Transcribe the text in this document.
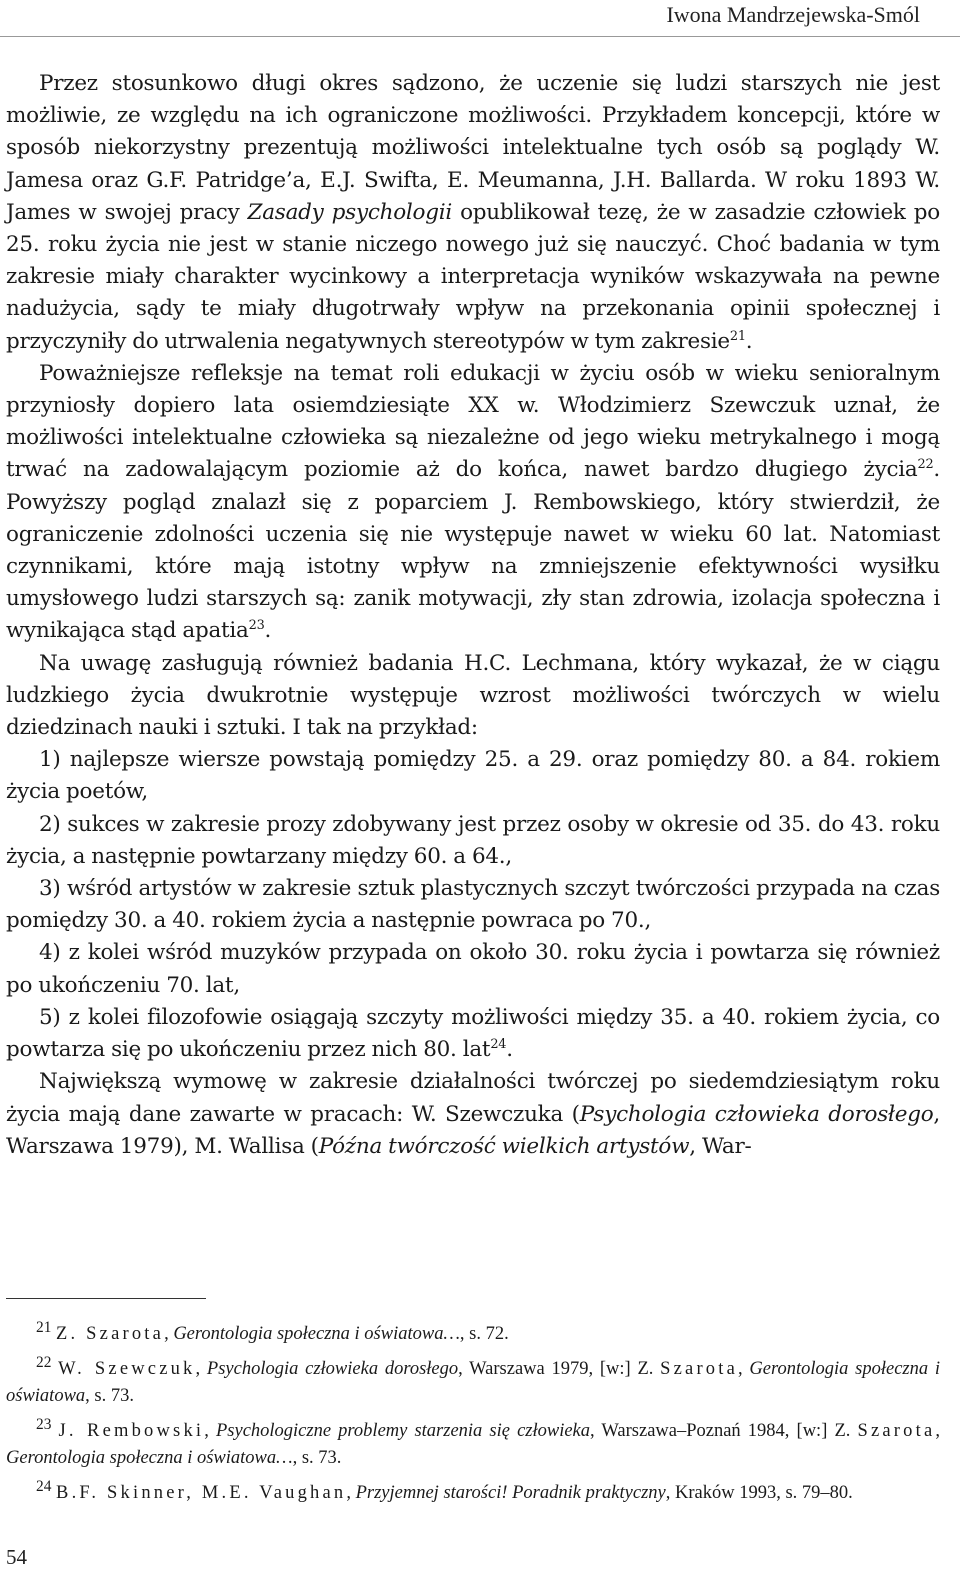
Iwona Mandrzejewska-Smól

Przez stosunkowo długi okres sądzono, że uczenie się ludzi starszych nie jest możliwie, ze względu na ich ograniczone możliwości. Przykładem koncepcji, które w sposób niekorzystny prezentują możliwości intelektualne tych osób są poglądy W. Jamesa oraz G.F. Patridge’a, E.J. Swifta, E. Meumanna, J.H. Ballarda. W roku 1893 W. James w swojej pracy Zasady psychologii opublikował tezę, że w zasadzie człowiek po 25. roku życia nie jest w stanie niczego nowego już się nauczyć. Choć badania w tym zakresie miały charakter wycinkowy a interpretacja wyników wskazywała na pewne nadużycia, sądy te miały długotrwały wpływ na przekonania opinii społecznej i przyczyniły do utrwalenia negatywnych stereotypów w tym zakresie$^{21}$.

Poważniejsze refleksje na temat roli edukacji w życiu osób w wieku senioralnym przyniosły dopiero lata osiemdziesiąte XX w. Włodzimierz Szewczuk uznał, że możliwości intelektualne człowieka są niezależne od jego wieku metrykalnego i mogą trwać na zadowalającym poziomie aż do końca, nawet bardzo długiego życia$^{22}$. Powyższy pogląd znalazł się z poparciem J. Rembowskiego, który stwierdził, że ograniczenie zdolności uczenia się nie występuje nawet w wieku 60 lat. Natomiast czynnikami, które mają istotny wpływ na zmniejszenie efektywności wysiłku umysłowego ludzi starszych są: zanik motywacji, zły stan zdrowia, izolacja społeczna i wynikająca stąd apatia$^{23}$.

Na uwagę zasługują również badania H.C. Lechmana, który wykazał, że w ciągu ludzkiego życia dwukrotnie występuje wzrost możliwości twórczych w wielu dziedzinach nauki i sztuki. I tak na przykład:

1) najlepsze wiersze powstają pomiędzy 25. a 29. oraz pomiędzy 80. a 84. rokiem życia poetów,

2) sukces w zakresie prozy zdobywany jest przez osoby w okresie od 35. do 43. roku życia, a następnie powtarzany między 60. a 64.,

3) wśród artystów w zakresie sztuk plastycznych szczyt twórczości przypada na czas pomiędzy 30. a 40. rokiem życia a następnie powraca po 70.,

4) z kolei wśród muzyków przypada on około 30. roku życia i powtarza się również po ukończeniu 70. lat,

5) z kolei filozofowie osiągają szczyty możliwości między 35. a 40. rokiem życia, co powtarza się po ukończeniu przez nich 80. lat$^{24}$.

Największą wymowę w zakresie działalności twórczej po siedemdziesiątym roku życia mają dane zawarte w pracach: W. Szewczuka (Psychologia człowieka dorosłego, Warszawa 1979), M. Wallisa (Późna twórczość wielkich artystów, War-

$^{21}$ Z. Szarota, Gerontologia społeczna i oświatowa…, s. 72.

$^{22}$ W. Szewczuk, Psychologia człowieka dorosłego, Warszawa 1979, [w:] Z. Szarota, Gerontologia społeczna i oświatowa, s. 73.

$^{23}$ J. Rembowski, Psychologiczne problemy starzenia się człowieka, Warszawa–Poznań 1984, [w:] Z. Szarota, Gerontologia społeczna i oświatowa…, s. 73.

$^{24}$ B.F. Skinner, M.E. Vaughan, Przyjemnej starości! Poradnik praktyczny, Kraków 1993, s. 79–80.

54
